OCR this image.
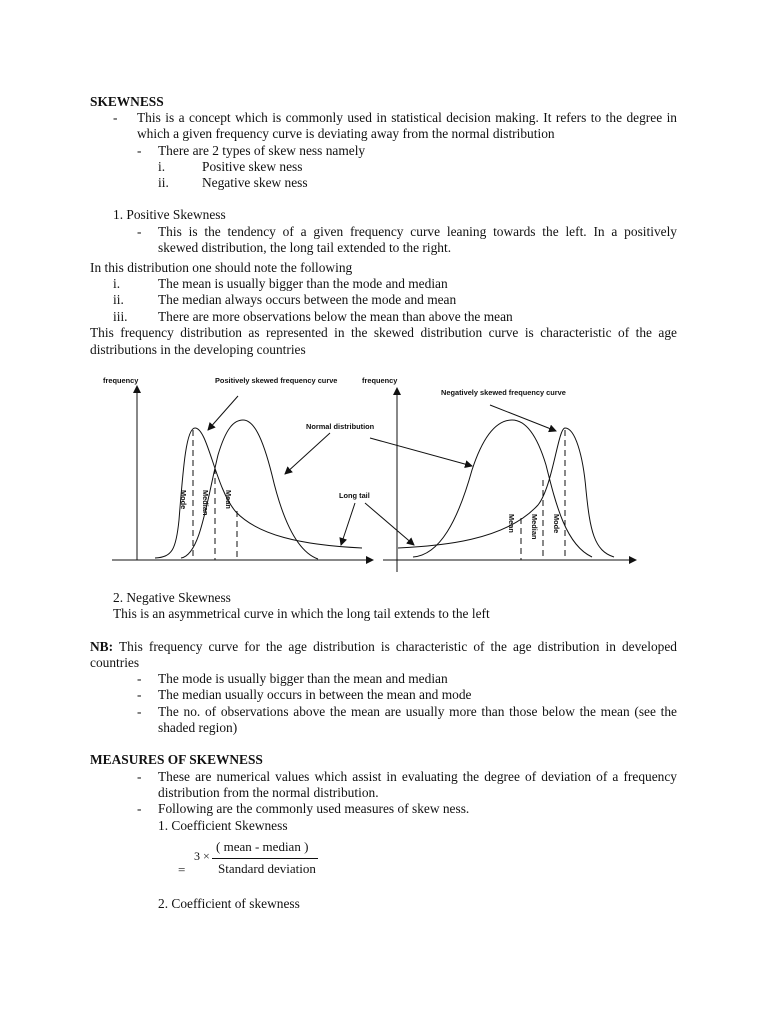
SKEWNESS
- This is a concept which is commonly used in statistical decision making. It refers to the degree in
which a given frequency curve is deviating away from the normal distribution
- There are 2 types of skew ness namely
i.	Positive skew ness
ii. Negative skew ness
1. Positive Skewness
- This is the tendency of a given frequency curve leaning towards the left. In a positively
skewed distribution, the long tail extended to the right.
In this distribution one should note the following
i.	The mean is usually bigger than the mode and median
ii.	The median always occurs between the mode and mean
iii. There are more observations below the mean than above the mean
This frequency distribution as represented in the skewed distribution curve is characteristic of the age
distributions in the developing countries
frequency	Positively skewed frequency curve	frequency
Negatively skewed frequency curve
Normal distribution
Long tail
Mode Median Mean
Mean Median Mode
2. Negative Skewness
This is an asymmetrical curve in which the long tail extends to the left
NB: This frequency curve for the age distribution is characteristic of the age distribution in developed
countries
- The mode is usually bigger than the mean and median
- The median usually occurs in between the mean and mode
- The no. of observations above the mean are usually more than those below the mean (see the
shaded region)
MEASURES OF SKEWNESS
- These are numerical values which assist in evaluating the degree of deviation of a frequency
distribution from the normal distribution.
- Following are the commonly used measures of skew ness.
1. Coefficient Skewness
=
3 ×
( mean - median )
Standard deviation
2. Coefficient of skewness
